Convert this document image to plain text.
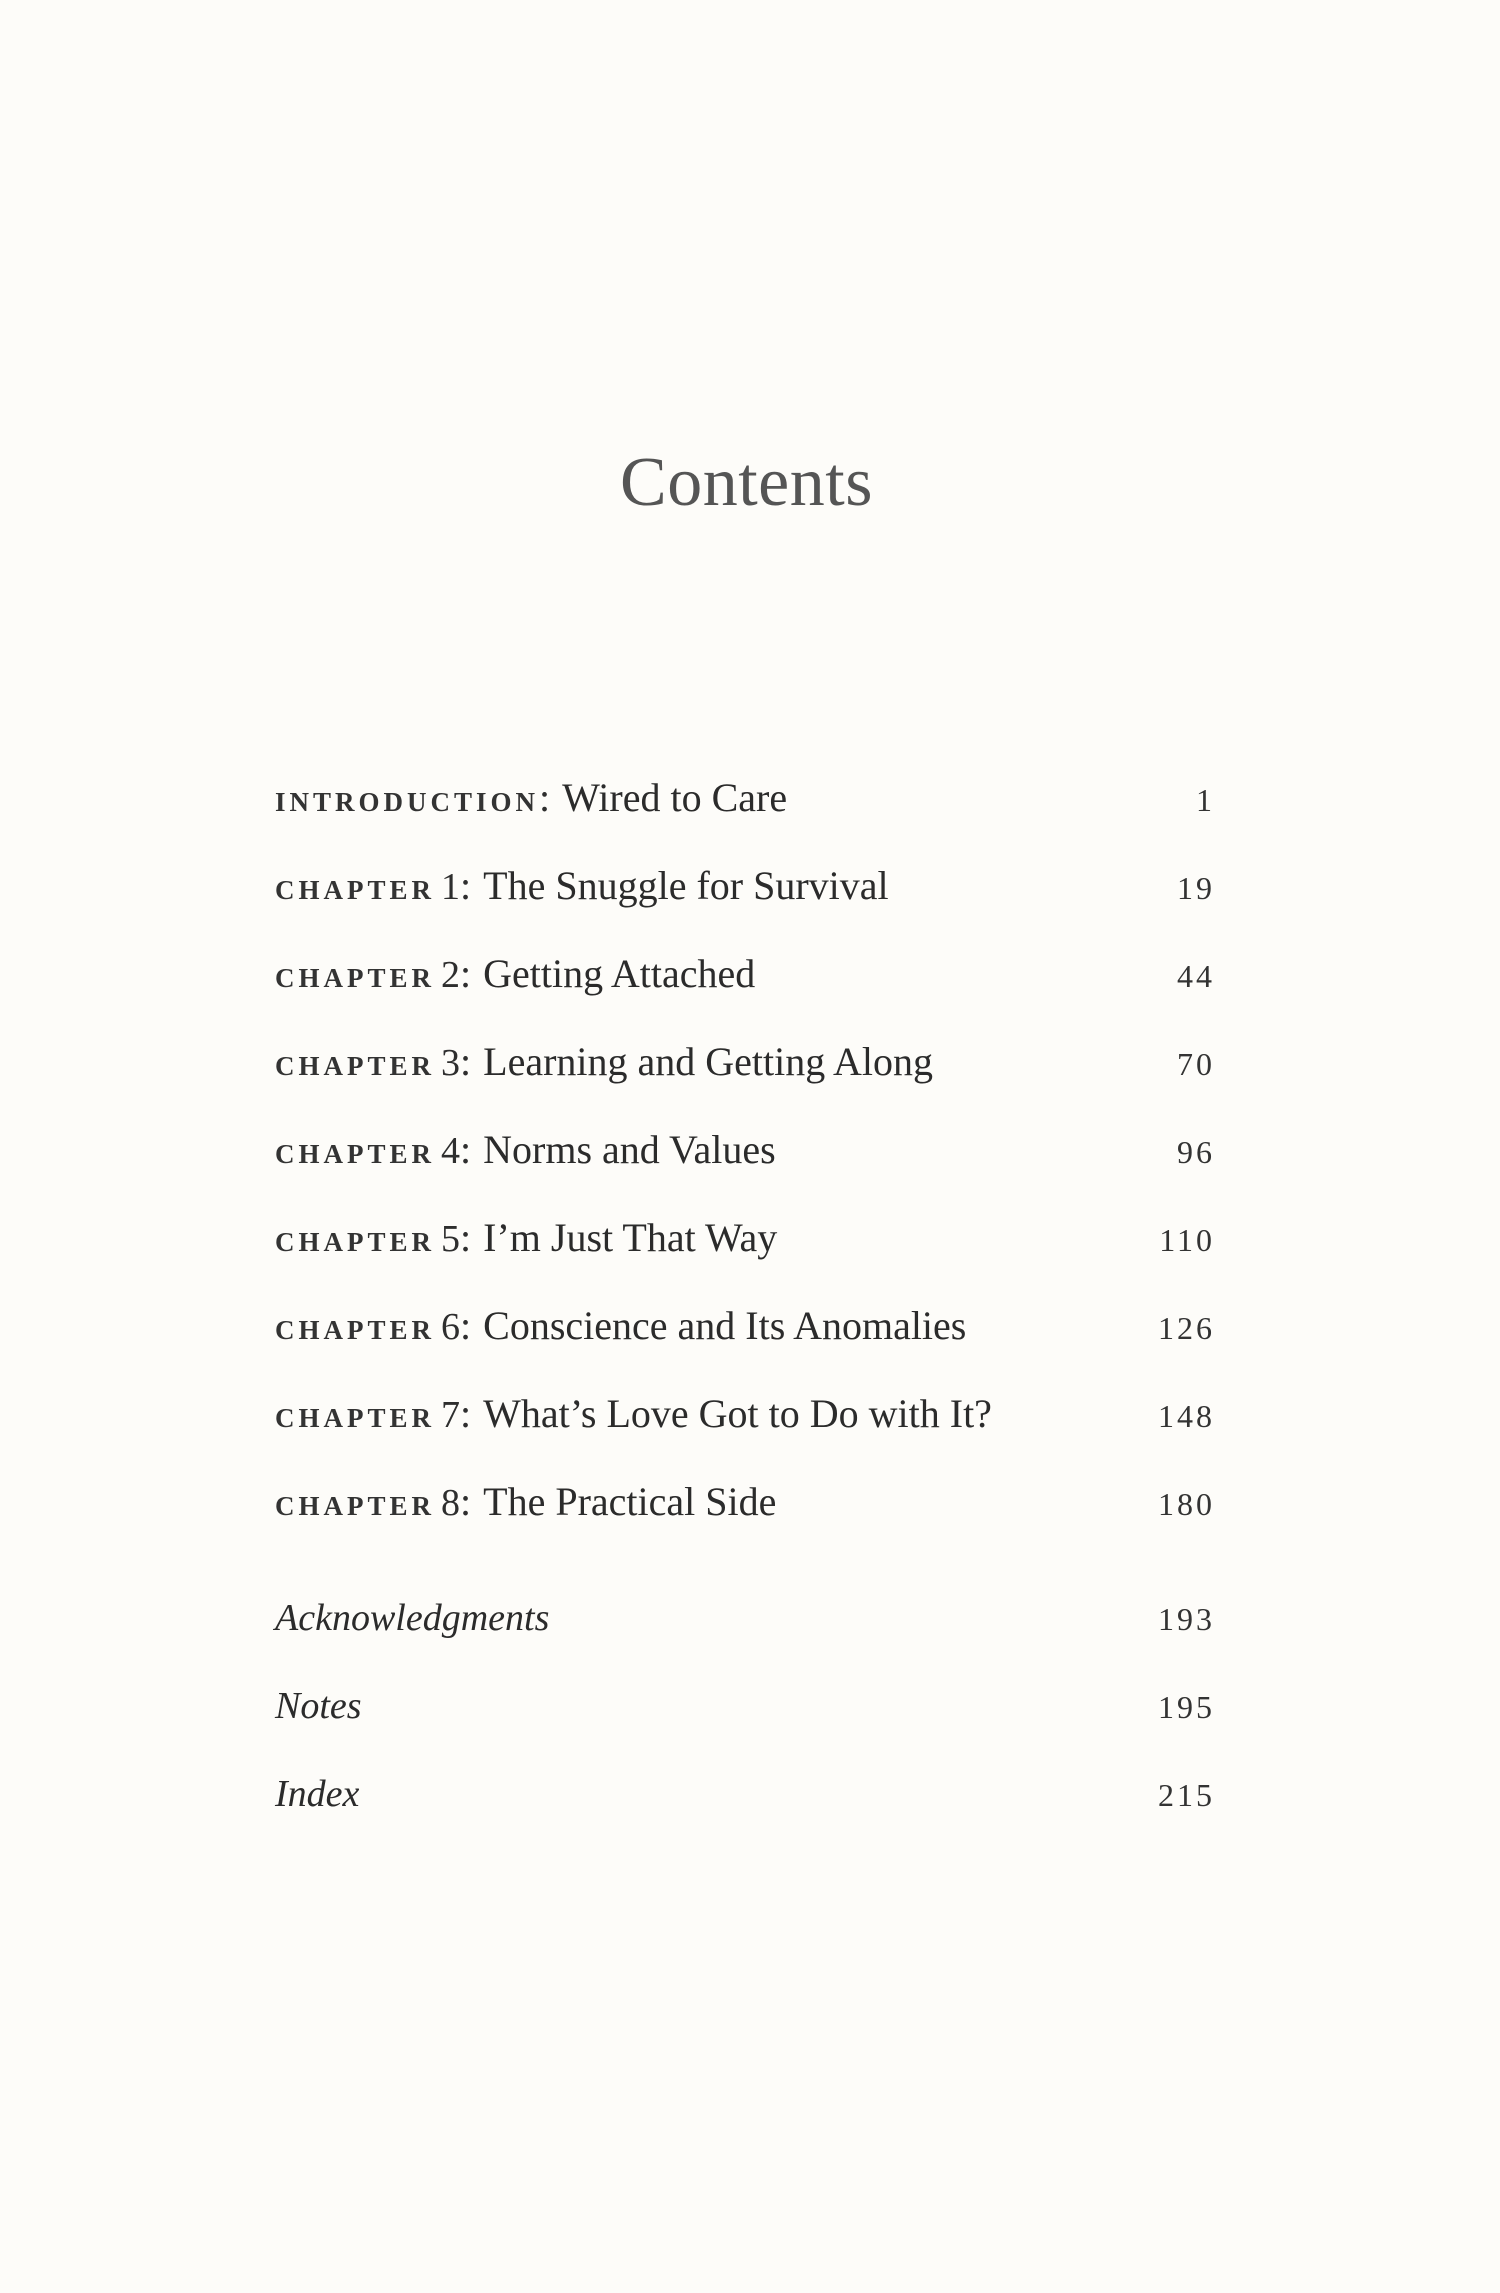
Contents
INTRODUCTION : Wired to Care	1
CHAPTER 1 : The Snuggle for Survival	19
CHAPTER 2 : Getting Attached	44
CHAPTER 3 : Learning and Getting Along	70
CHAPTER 4 : Norms and Values	96
CHAPTER 5 : I’m Just That Way	110
CHAPTER 6 : Conscience and Its Anomalies	126
CHAPTER 7 : What’s Love Got to Do with It?	148
CHAPTER 8 : The Practical Side	180
Acknowledgments	193
Notes	195
Index	215
